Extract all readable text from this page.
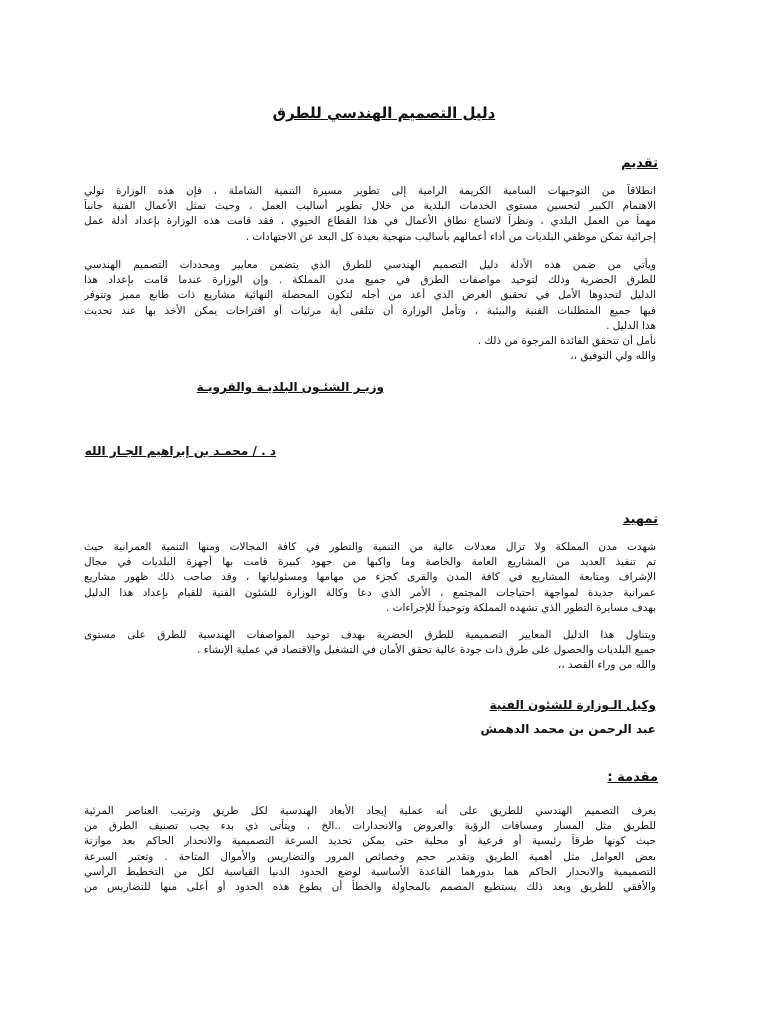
دليل التصميم الهندسي للطرق
تقديم
انطلاقاً من التوجيهات السامية الكريمة الرامية إلى تطوير مسيرة التنمية الشاملة ، فإن هذه الوزارة تولي
الاهتمام الكبير لتحسين مستوى الخدمات البلدية من خلال تطوير أساليب العمل ، وحيث تمثل الأعمال الفنية جانباً
مهماً من العمل البلدي ، ونظراً لاتساع نطاق الأعمال في هذا القطاع الحيوي ، فقد قامت هذه الوزارة بإعداد أدلة عمل
إجرائية تمكن موظفي البلديات من أداء أعمالهم بأساليب منهجية بعيدة كل البعد عن الاجتهادات .
ويأتي من ضمن هذه الأدلة دليل التصميم الهندسي للطرق الذي يتضمن معايير ومحددات التصميم الهندسي
للطرق الحضرية وذلك لتوحيد مواصفات الطرق في جميع مدن المملكة . وإن الوزارة عندما قامت بإعداد هذا
الدليل لتحدوها الأمل في تحقيق الغرض الذي أعد من أجله لتكون المحصلة النهائية مشاريع ذات طابع مميز وتتوفر
فيها جميع المتطلبات الفنية والبيئية ، وتأمل الوزارة أن تتلقى أية مرئيات أو اقتراحات يمكن الأخذ بها عند تحديث
هذا الدليل .
نأمل أن تتحقق الفائدة المرجوة من ذلك .
والله ولي التوفيق ،،
وزيـر الشئـون البلديـة والقرويـة
د . / محمـد بن إبراهيم الجـار الله
تمهيد
شهدت مدن المملكة ولا تزال معدلات عالية من التنمية والتطور في كافة المجالات ومنها التنمية العمرانية حيث
تم تنفيذ العديد من المشاريع العامة والخاصة وما واكبها من جهود كبيرة قامت بها أجهزة البلديات في مجال
الإشراف ومتابعة المشاريع في كافة المدن والقرى كجزء من مهامها ومسئولياتها ، وقد صاحب ذلك ظهور مشاريع
عمرانية جديدة لمواجهة احتياجات المجتمع ، الأمر الذي دعا وكالة الوزارة للشئون الفنية للقيام بإعداد هذا الدليل
بهدف مسايرة التطور الذي تشهده المملكة وتوحيداً للإجراءات .
ويتناول هذا الدليل المعايير التصميمية للطرق الحضرية بهدف توحيد المواصفات الهندسية للطرق على مستوى
جميع البلديات والحصول على طرق ذات جودة عالية تحقق الأمان في التشغيل والاقتصاد في عملية الإنشاء .
والله من وراء القصد ،،
وكيل الـوزارة للشئون الفنية
عبد الرحمن بن محمد الدهمش
مقدمة :
يعرف التصميم الهندسي للطريق على أنه عملية إيجاد الأبعاد الهندسية لكل طريق وترتيب العناصر المرئية
للطريق مثل المسار ومسافات الرؤية والعروض والانحدارات ..الخ . ويتأتى ذي بدء يجب تصنيف الطرق من
حيث كونها طرقاً رئيسية أو فرعية أو محلية حتى يمكن تحديد السرعة التصميمية والانحدار الحاكم بعد موازنة
بعض العوامل مثل أهمية الطريق وتقدير حجم وخصائص المرور والتضاريس والأموال المتاحة . وتعتبر السرعة
التصميمية والانحدار الحاكم هما بدورهما القاعدة الأساسية لوضع الحدود الدنيا القياسية لكل من التخطيط الرأسي
والأفقي للطريق وبعد ذلك يستطيع المصمم بالمحاولة والخطأ أن يطوع هذه الحدود أو أعلى منها للتضاريس من
